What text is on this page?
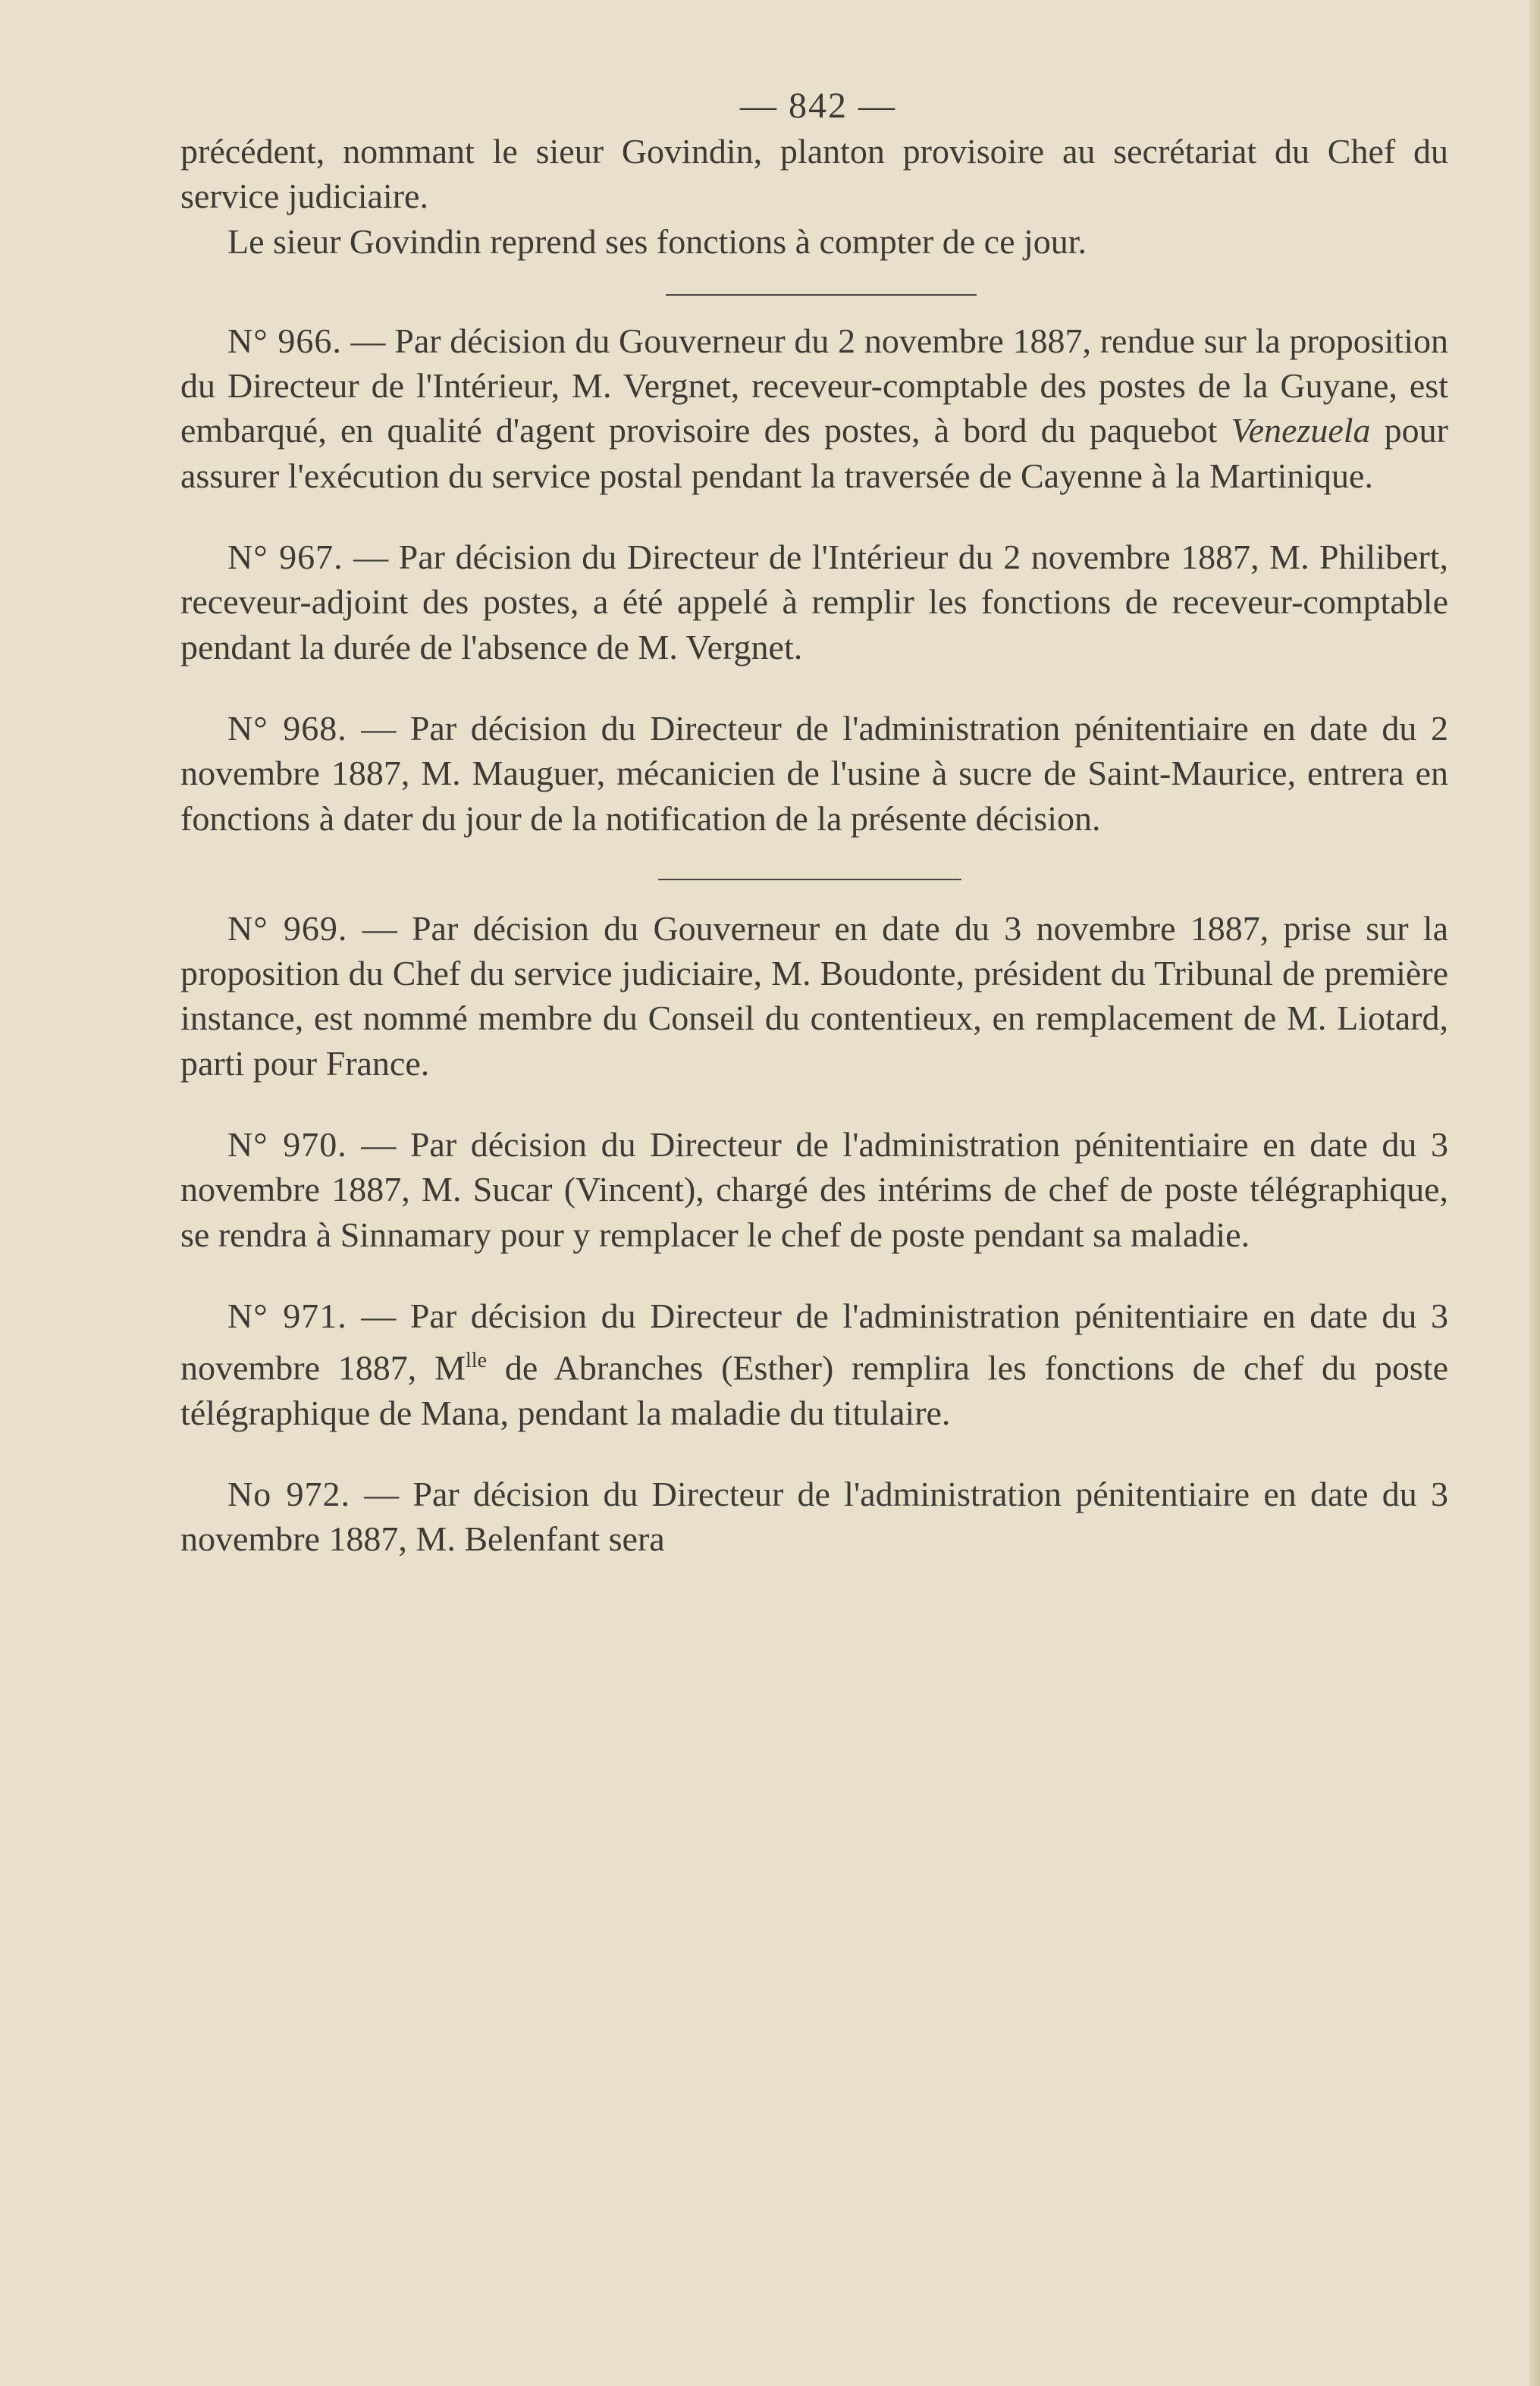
— 842 —

précédent, nommant le sieur Govindin, planton provisoire au secrétariat du Chef du service judiciaire.

Le sieur Govindin reprend ses fonctions à compter de ce jour.

N° 966. — Par décision du Gouverneur du 2 novembre 1887, rendue sur la proposition du Directeur de l'Intérieur, M. Vergnet, receveur-comptable des postes de la Guyane, est embarqué, en qualité d'agent provisoire des postes, à bord du paquebot Venezuela pour assurer l'exécution du service postal pendant la traversée de Cayenne à la Martinique.

N° 967. — Par décision du Directeur de l'Intérieur du 2 novembre 1887, M. Philibert, receveur-adjoint des postes, a été appelé à remplir les fonctions de receveur-comptable pendant la durée de l'absence de M. Vergnet.

N° 968. — Par décision du Directeur de l'administration pénitentiaire en date du 2 novembre 1887, M. Mauguer, mécanicien de l'usine à sucre de Saint-Maurice, entrera en fonctions à dater du jour de la notification de la présente décision.

N° 969. — Par décision du Gouverneur en date du 3 novembre 1887, prise sur la proposition du Chef du service judiciaire, M. Boudonte, président du Tribunal de première instance, est nommé membre du Conseil du contentieux, en remplacement de M. Liotard, parti pour France.

N° 970. — Par décision du Directeur de l'administration pénitentiaire en date du 3 novembre 1887, M. Sucar (Vincent), chargé des intérims de chef de poste télégraphique, se rendra à Sinnamary pour y remplacer le chef de poste pendant sa maladie.

N° 971. — Par décision du Directeur de l'administration pénitentiaire en date du 3 novembre 1887, $M^{lle}$ de Abranches (Esther) remplira les fonctions de chef du poste télégraphique de Mana, pendant la maladie du titulaire.

No 972. — Par décision du Directeur de l'administration pénitentiaire en date du 3 novembre 1887, M. Belenfant sera
